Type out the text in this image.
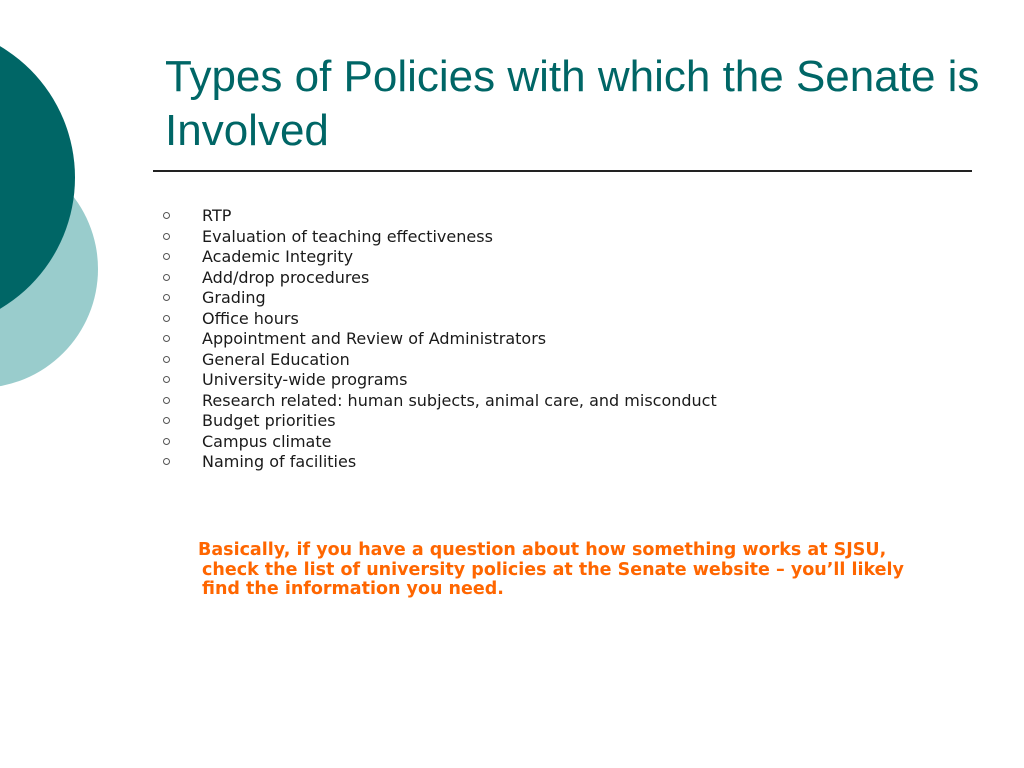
Types of Policies with which the Senate is Involved
RTP
Evaluation of teaching effectiveness
Academic Integrity
Add/drop procedures
Grading
Office hours
Appointment and Review of Administrators
General Education
University-wide programs
Research related: human subjects, animal care, and misconduct
Budget priorities
Campus climate
Naming of facilities

Basically, if you have a question about how something works at SJSU, check the list of university policies at the Senate website – you’ll likely find the information you need.
